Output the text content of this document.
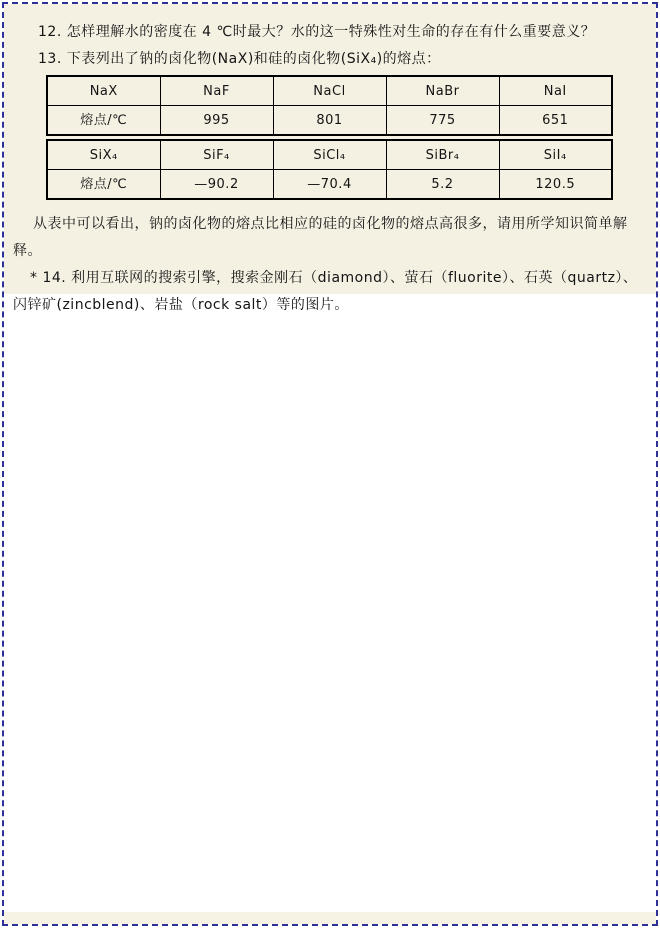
12. 怎样理解水的密度在 4 ℃时最大？水的这一特殊性对生命的存在有什么重要意义？

13. 下表列出了钠的卤化物(NaX)和硅的卤化物(SiX₄)的熔点：

NaX	NaF	NaCl	NaBr	NaI
熔点/℃	995	801	775	651
SiX₄	SiF₄	SiCl₄	SiBr₄	SiI₄
熔点/℃	—90.2	—70.4	5.2	120.5

从表中可以看出，钠的卤化物的熔点比相应的硅的卤化物的熔点高很多，请用所学知识简单解释。

* 14. 利用互联网的搜索引擎，搜索金刚石（diamond）、萤石（fluorite）、石英（quartz）、闪锌矿(zincblend)、岩盐（rock salt）等的图片。
